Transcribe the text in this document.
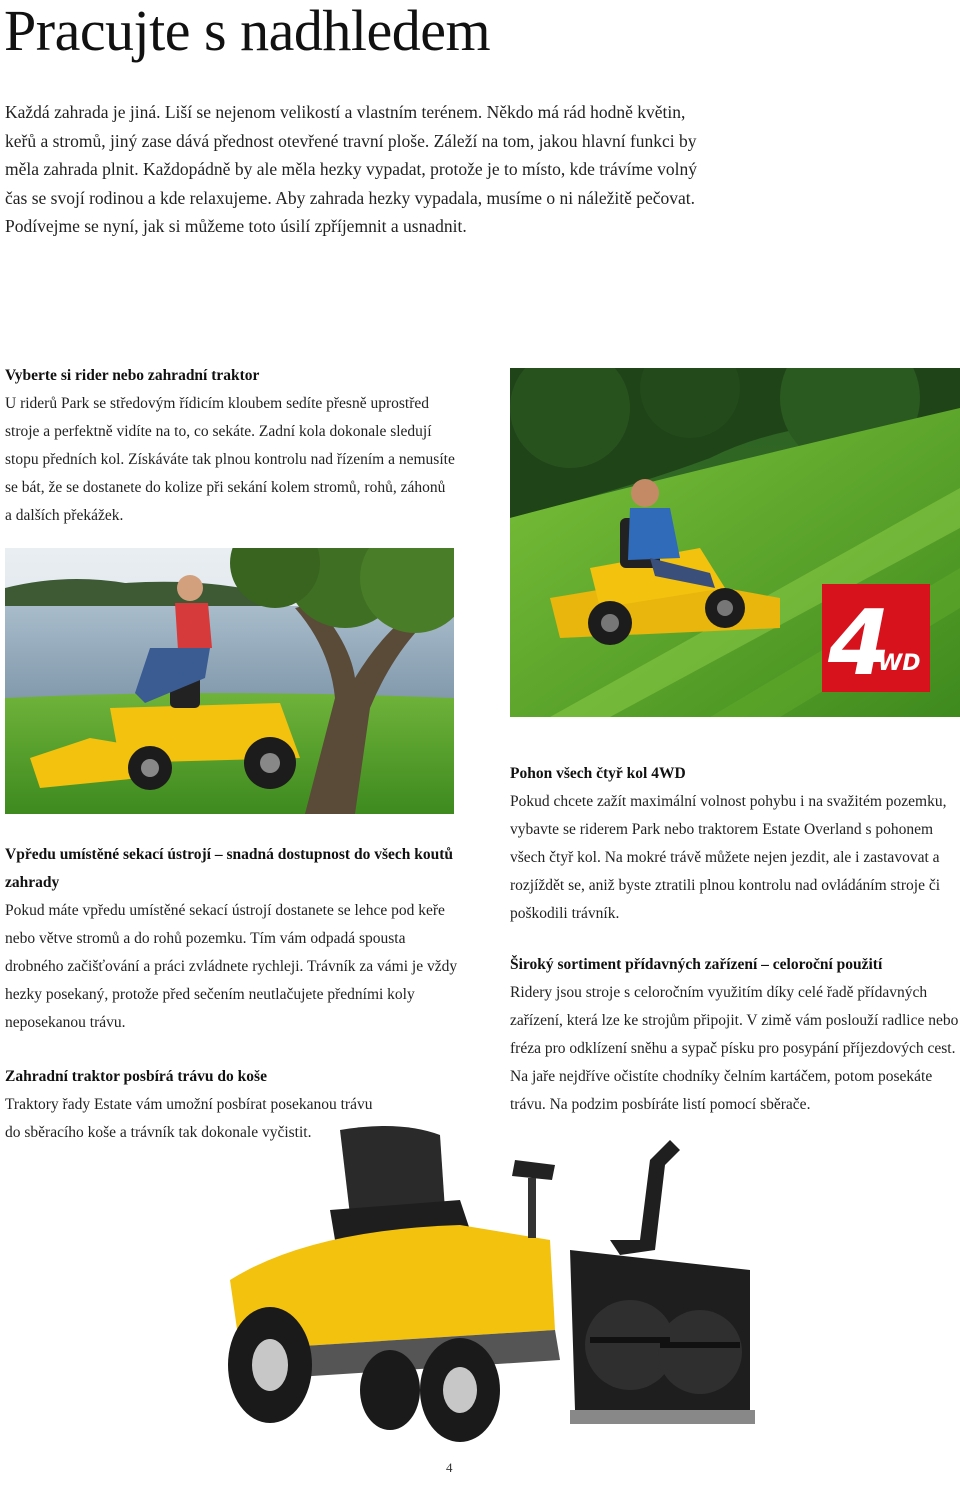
Pracujte s nadhledem

Každá zahrada je jiná. Liší se nejenom velikostí a vlastním terénem. Někdo má rád hodně květin, keřů a stromů, jiný zase dává přednost otevřené travní ploše. Záleží na tom, jakou hlavní funkci by měla zahrada plnit. Každopádně by ale měla hezky vypadat, protože je to místo, kde trávíme volný čas se svojí rodinou a kde relaxujeme. Aby zahrada hezky vypadala, musíme o ni náležitě pečovat. Podívejme se nyní, jak si můžeme toto úsilí zpříjemnit a usnadnit.

Vyberte si rider nebo zahradní traktor

U riderů Park se středovým řídicím kloubem sedíte přesně uprostřed stroje a perfektně vidíte na to, co sekáte. Zadní kola dokonale sledují stopu předních kol. Získáváte tak plnou kontrolu nad řízením a nemusíte se bát, že se dostanete do kolize při sekání kolem stromů, rohů, záhonů a dalších překážek.

4
WD
Vpředu umístěné sekací ústrojí – snadná dostupnost do všech koutů zahrady

Pokud máte vpředu umístěné sekací ústrojí dostanete se lehce pod keře nebo větve stromů a do rohů pozemku. Tím vám odpadá spousta drobného začišťování a práci zvládnete rychleji. Trávník za vámi je vždy hezky posekaný, protože před sečením neutlačujete předními koly neposekanou trávu.

Pohon všech čtyř kol 4WD

Pokud chcete zažít maximální volnost pohybu i na svažitém pozemku, vybavte se riderem Park nebo traktorem Estate Overland s pohonem všech čtyř kol. Na mokré trávě můžete nejen jezdit, ale i zastavovat a rozjíždět se, aniž byste ztratili plnou kontrolu nad ovládáním stroje či poškodili trávník.

Široký sortiment přídavných zařízení – celoroční použití

Ridery jsou stroje s celoročním využitím díky celé řadě přídavných zařízení, která lze ke strojům připojit. V zimě vám poslouží radlice nebo fréza pro odklízení sněhu a sypač písku pro posypání příjezdových cest. Na jaře nejdříve očistíte chodníky čelním kartáčem, potom posekáte trávu. Na podzim posbíráte listí pomocí sběrače.

Zahradní traktor posbírá trávu do koše

Traktory řady Estate vám umožní posbírat posekanou trávu do sběracího koše a trávník tak dokonale vyčistit.

4
